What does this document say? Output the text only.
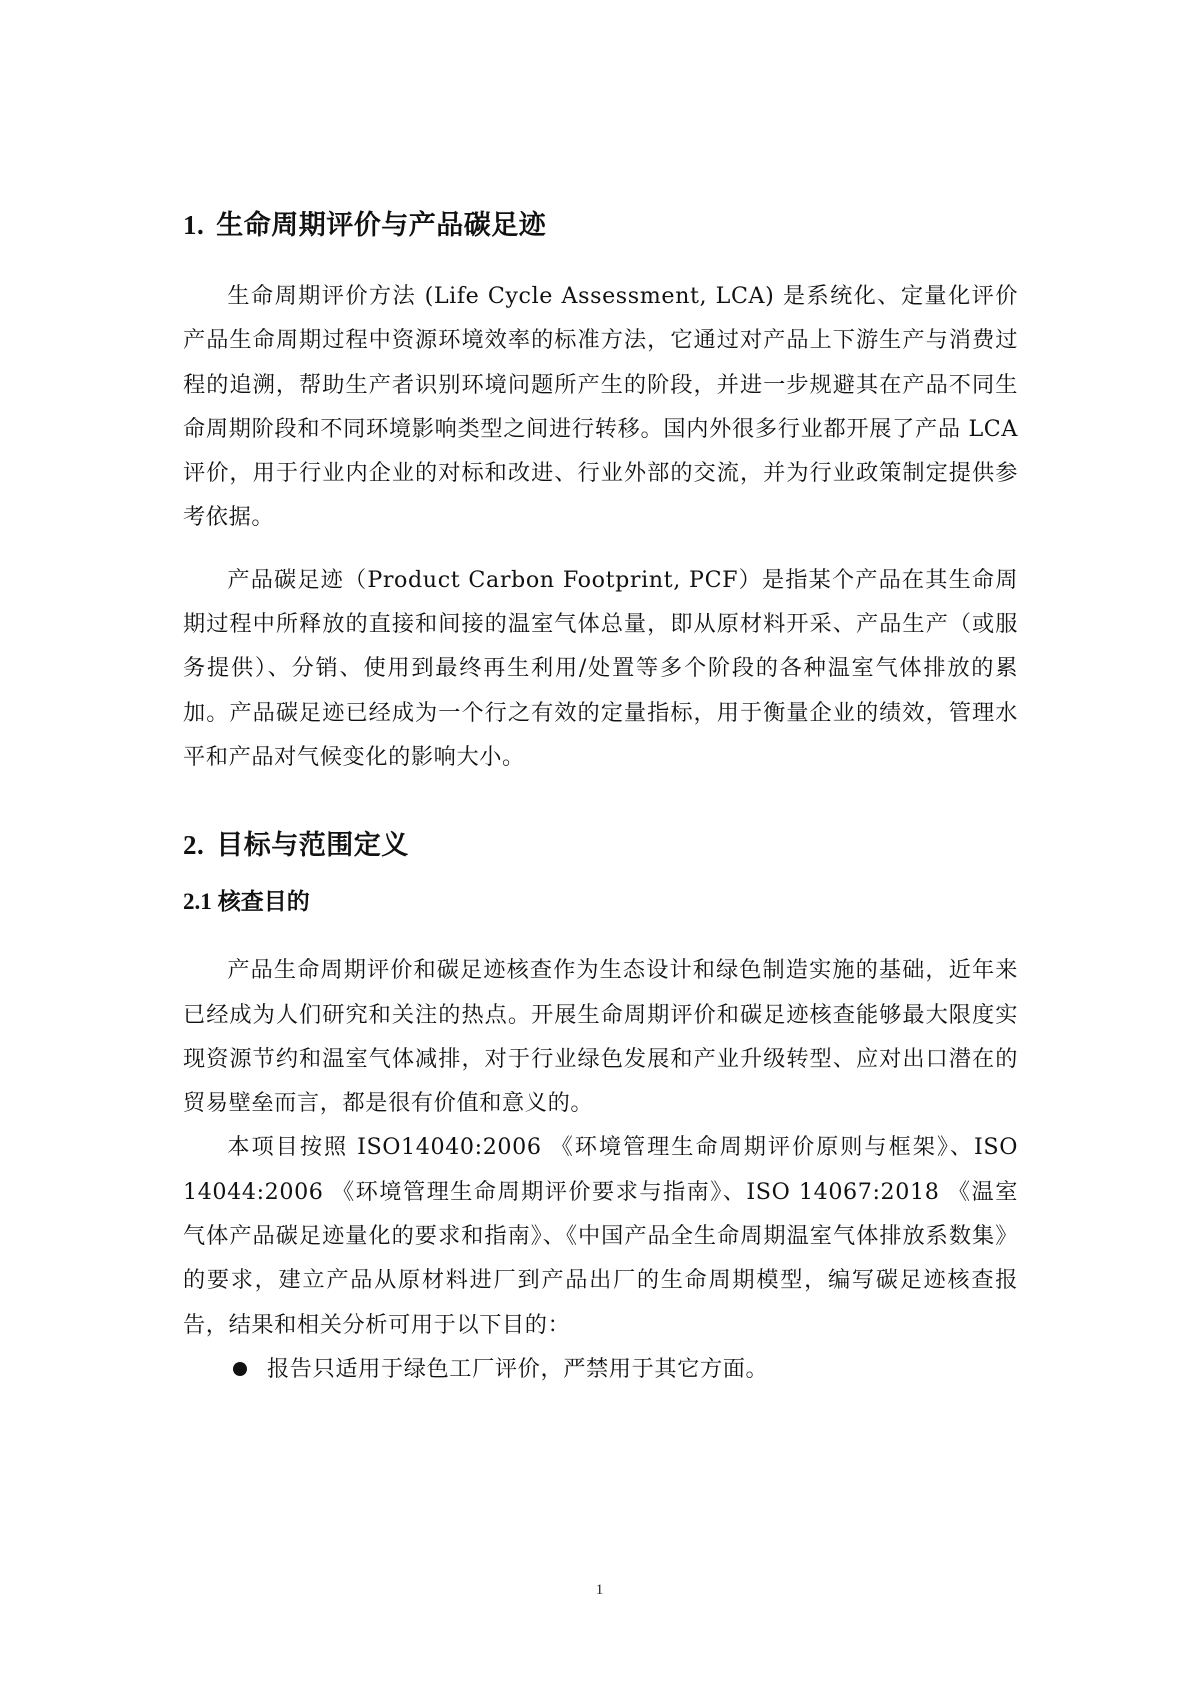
1. 生命周期评价与产品碳足迹

生命周期评价方法 (Life Cycle Assessment, LCA) 是系统化、定量化评价产品生命周期过程中资源环境效率的标准方法，它通过对产品上下游生产与消费过程的追溯，帮助生产者识别环境问题所产生的阶段，并进一步规避其在产品不同生命周期阶段和不同环境影响类型之间进行转移。国内外很多行业都开展了产品 LCA 评价，用于行业内企业的对标和改进、行业外部的交流，并为行业政策制定提供参考依据。

产品碳足迹（Product Carbon Footprint, PCF）是指某个产品在其生命周期过程中所释放的直接和间接的温室气体总量，即从原材料开采、产品生产（或服务提供）、分销、使用到最终再生利用/处置等多个阶段的各种温室气体排放的累加。产品碳足迹已经成为一个行之有效的定量指标，用于衡量企业的绩效，管理水平和产品对气候变化的影响大小。

2. 目标与范围定义
2.1 核查目的

产品生命周期评价和碳足迹核查作为生态设计和绿色制造实施的基础，近年来已经成为人们研究和关注的热点。开展生命周期评价和碳足迹核查能够最大限度实现资源节约和温室气体减排，对于行业绿色发展和产业升级转型、应对出口潜在的贸易壁垒而言，都是很有价值和意义的。

本项目按照 ISO14040:2006 《环境管理生命周期评价原则与框架》、ISO 14044:2006 《环境管理生命周期评价要求与指南》、ISO 14067:2018 《温室气体产品碳足迹量化的要求和指南》、《中国产品全生命周期温室气体排放系数集》的要求，建立产品从原材料进厂到产品出厂的生命周期模型，编写碳足迹核查报告，结果和相关分析可用于以下目的：

报告只适用于绿色工厂评价，严禁用于其它方面。
1
